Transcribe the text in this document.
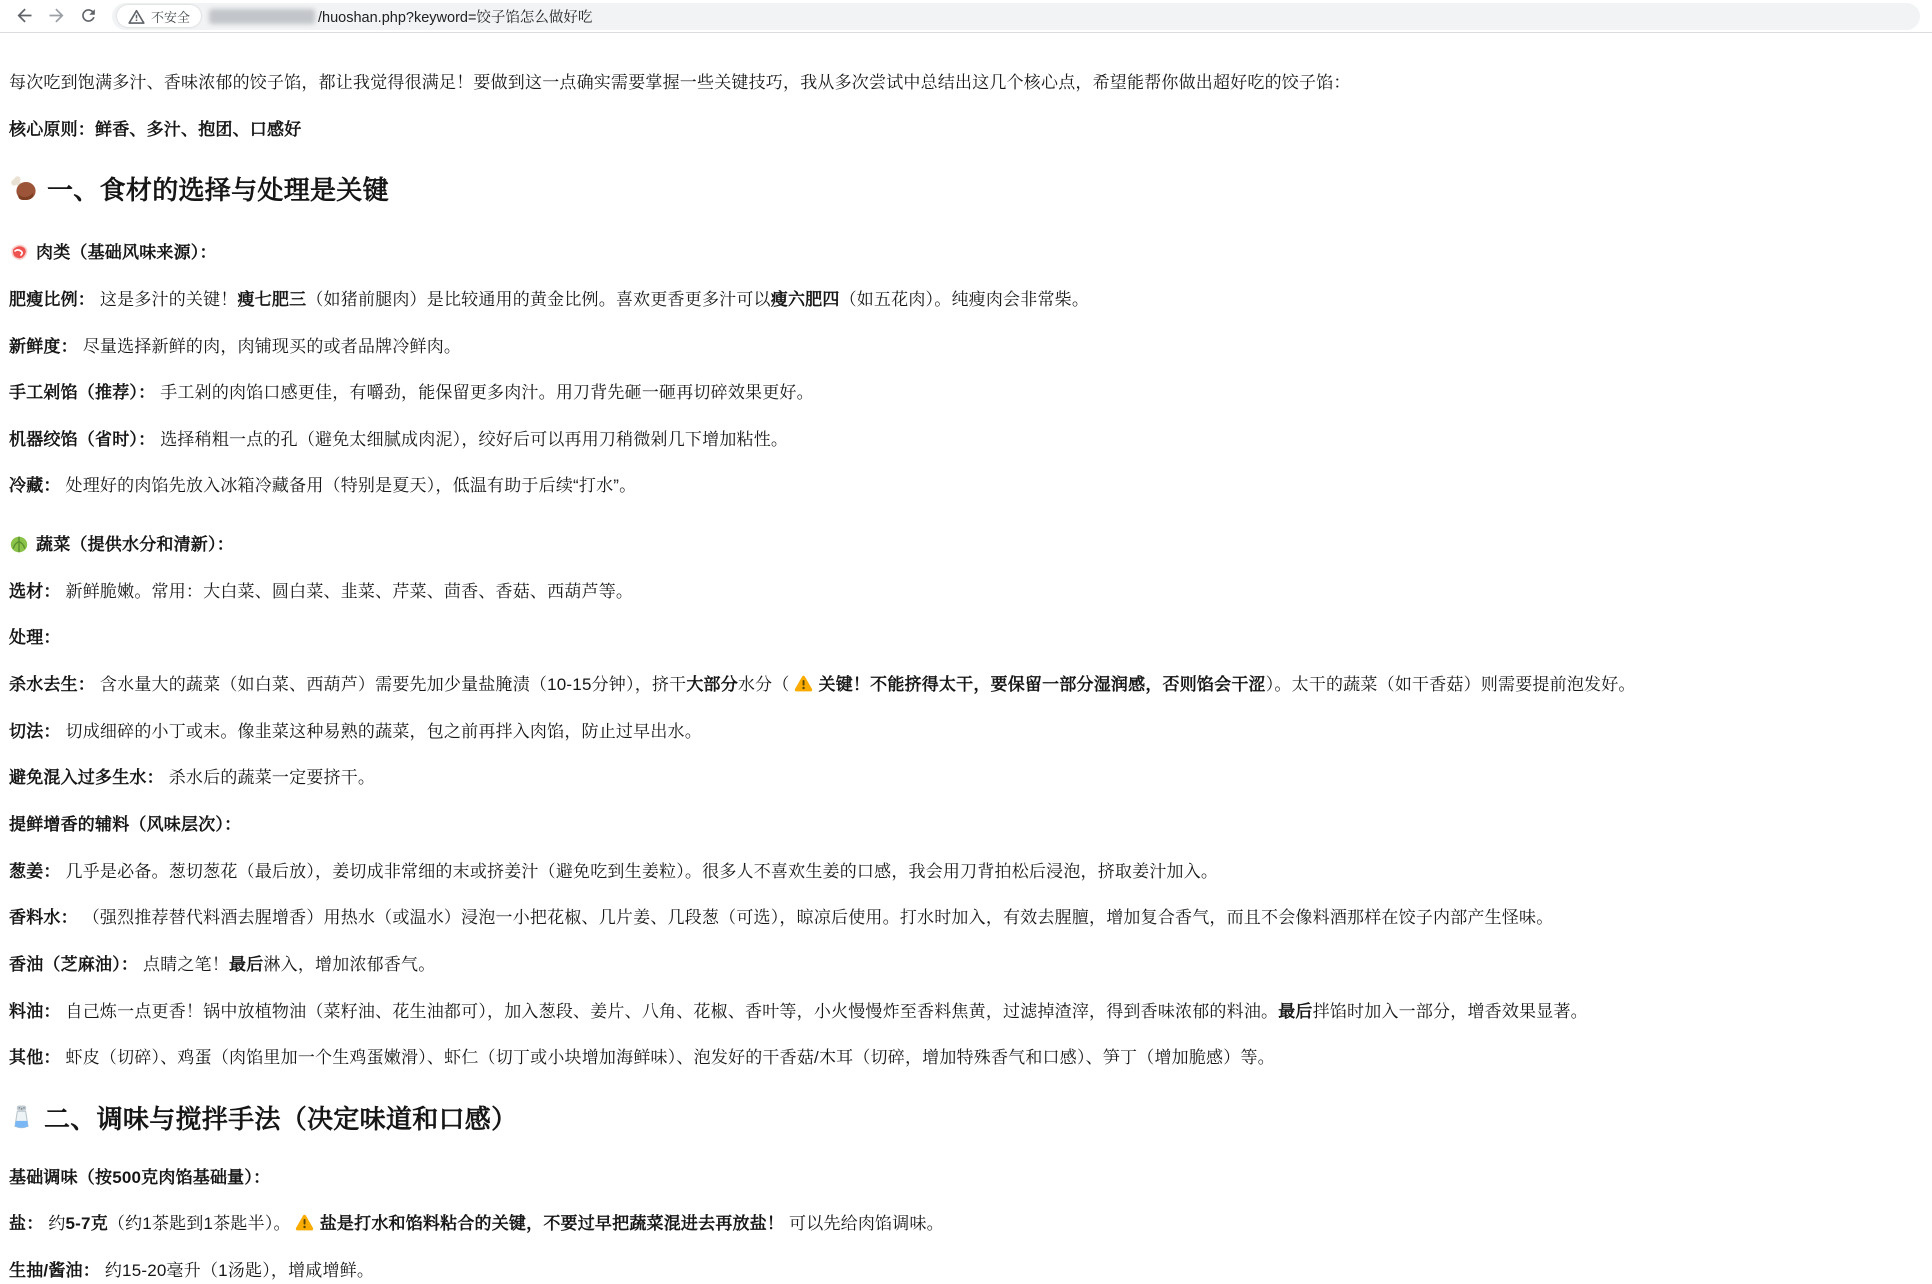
不安全	/huoshan.php?keyword=饺子馅怎么做好吃

每次吃到饱满多汁、香味浓郁的饺子馅，都让我觉得很满足！要做到这一点确实需要掌握一些关键技巧，我从多次尝试中总结出这几个核心点，希望能帮你做出超好吃的饺子馅：

核心原则：鲜香、多汁、抱团、口感好

一、食材的选择与处理是关键

肉类（基础风味来源）：

肥瘦比例： 这是多汁的关键！瘦七肥三（如猪前腿肉）是比较通用的黄金比例。喜欢更香更多汁可以瘦六肥四（如五花肉）。纯瘦肉会非常柴。

新鲜度： 尽量选择新鲜的肉，肉铺现买的或者品牌冷鲜肉。

手工剁馅（推荐）： 手工剁的肉馅口感更佳，有嚼劲，能保留更多肉汁。用刀背先砸一砸再切碎效果更好。

机器绞馅（省时）： 选择稍粗一点的孔（避免太细腻成肉泥），绞好后可以再用刀稍微剁几下增加粘性。

冷藏： 处理好的肉馅先放入冰箱冷藏备用（特别是夏天），低温有助于后续“打水”。

蔬菜（提供水分和清新）：

选材： 新鲜脆嫩。常用：大白菜、圆白菜、韭菜、芹菜、茴香、香菇、西葫芦等。

处理：

杀水去生： 含水量大的蔬菜（如白菜、西葫芦）需要先加少量盐腌渍（10-15分钟），挤干大部分水分（ 关键！不能挤得太干，要保留一部分湿润感，否则馅会干涩）。太干的蔬菜（如干香菇）则需要提前泡发好。

切法： 切成细碎的小丁或末。像韭菜这种易熟的蔬菜，包之前再拌入肉馅，防止过早出水。

避免混入过多生水： 杀水后的蔬菜一定要挤干。

提鲜增香的辅料（风味层次）：

葱姜： 几乎是必备。葱切葱花（最后放），姜切成非常细的末或挤姜汁（避免吃到生姜粒）。很多人不喜欢生姜的口感，我会用刀背拍松后浸泡，挤取姜汁加入。

香料水： （强烈推荐替代料酒去腥增香）用热水（或温水）浸泡一小把花椒、几片姜、几段葱（可选），晾凉后使用。打水时加入，有效去腥膻，增加复合香气，而且不会像料酒那样在饺子内部产生怪味。

香油（芝麻油）： 点睛之笔！最后淋入，增加浓郁香气。

料油： 自己炼一点更香！锅中放植物油（菜籽油、花生油都可），加入葱段、姜片、八角、花椒、香叶等，小火慢慢炸至香料焦黄，过滤掉渣滓，得到香味浓郁的料油。最后拌馅时加入一部分，增香效果显著。

其他： 虾皮（切碎）、鸡蛋（肉馅里加一个生鸡蛋嫩滑）、虾仁（切丁或小块增加海鲜味）、泡发好的干香菇/木耳（切碎，增加特殊香气和口感）、笋丁（增加脆感）等。

二、调味与搅拌手法（决定味道和口感）

基础调味（按500克肉馅基础量）：

盐： 约5-7克（约1茶匙到1茶匙半）。 盐是打水和馅料粘合的关键，不要过早把蔬菜混进去再放盐！ 可以先给肉馅调味。

生抽/酱油： 约15-20毫升（1汤匙），增咸增鲜。
